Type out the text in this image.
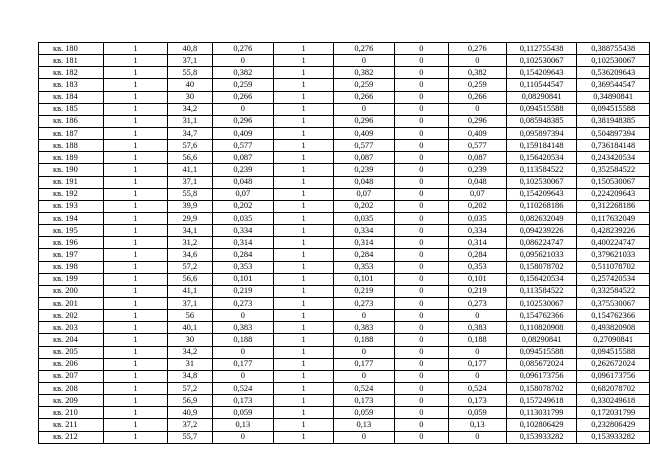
кв. 180	1	40,8	0,276	1	0,276	0	0,276	0,112755438	0,388755438
кв. 181	1	37,1	0	1	0	0	0	0,102530067	0,102530067
кв. 182	1	55,8	0,382	1	0,382	0	0,382	0,154209643	0,536209643
кв. 183	1	40	0,259	1	0,259	0	0,259	0,110544547	0,369544547
кв. 184	1	30	0,266	1	0,266	0	0,266	0,08290841	0,34890841
кв. 185	1	34,2	0	1	0	0	0	0,094515588	0,094515588
кв. 186	1	31,1	0,296	1	0,296	0	0,296	0,085948385	0,381948385
кв. 187	1	34,7	0,409	1	0,409	0	0,409	0,095897394	0,504897394
кв. 188	1	57,6	0,577	1	0,577	0	0,577	0,159184148	0,736184148
кв. 189	1	56,6	0,087	1	0,087	0	0,087	0,156420534	0,243420534
кв. 190	1	41,1	0,239	1	0,239	0	0,239	0,113584522	0,352584522
кв. 191	1	37,1	0,048	1	0,048	0	0,048	0,102530067	0,150530067
кв. 192	1	55,8	0,07	1	0,07	0	0,07	0,154209643	0,224209643
кв. 193	1	39,9	0,202	1	0,202	0	0,202	0,110268186	0,312268186
кв. 194	1	29,9	0,035	1	0,035	0	0,035	0,082632049	0,117632049
кв. 195	1	34,1	0,334	1	0,334	0	0,334	0,094239226	0,428239226
кв. 196	1	31,2	0,314	1	0,314	0	0,314	0,086224747	0,400224747
кв. 197	1	34,6	0,284	1	0,284	0	0,284	0,095621033	0,379621033
кв. 198	1	57,2	0,353	1	0,353	0	0,353	0,158078702	0,511078702
кв. 199	1	56,6	0,101	1	0,101	0	0,101	0,156420534	0,257420534
кв. 200	1	41,1	0,219	1	0,219	0	0,219	0,113584522	0,332584522
кв. 201	1	37,1	0,273	1	0,273	0	0,273	0,102530067	0,375530067
кв. 202	1	56	0	1	0	0	0	0,154762366	0,154762366
кв. 203	1	40,1	0,383	1	0,383	0	0,383	0,110820908	0,493820908
кв. 204	1	30	0,188	1	0,188	0	0,188	0,08290841	0,27090841
кв. 205	1	34,2	0	1	0	0	0	0,094515588	0,094515588
кв. 206	1	31	0,177	1	0,177	0	0,177	0,085672024	0,262672024
кв. 207	1	34,8	0	1	0	0	0	0,096173756	0,096173756
кв. 208	1	57,2	0,524	1	0,524	0	0,524	0,158078702	0,682078702
кв. 209	1	56,9	0,173	1	0,173	0	0,173	0,157249618	0,330249618
кв. 210	1	40,9	0,059	1	0,059	0	0,059	0,113031799	0,172031799
кв. 211	1	37,2	0,13	1	0,13	0	0,13	0,102806429	0,232806429
кв. 212	1	55,7	0	1	0	0	0	0,153933282	0,153933282
